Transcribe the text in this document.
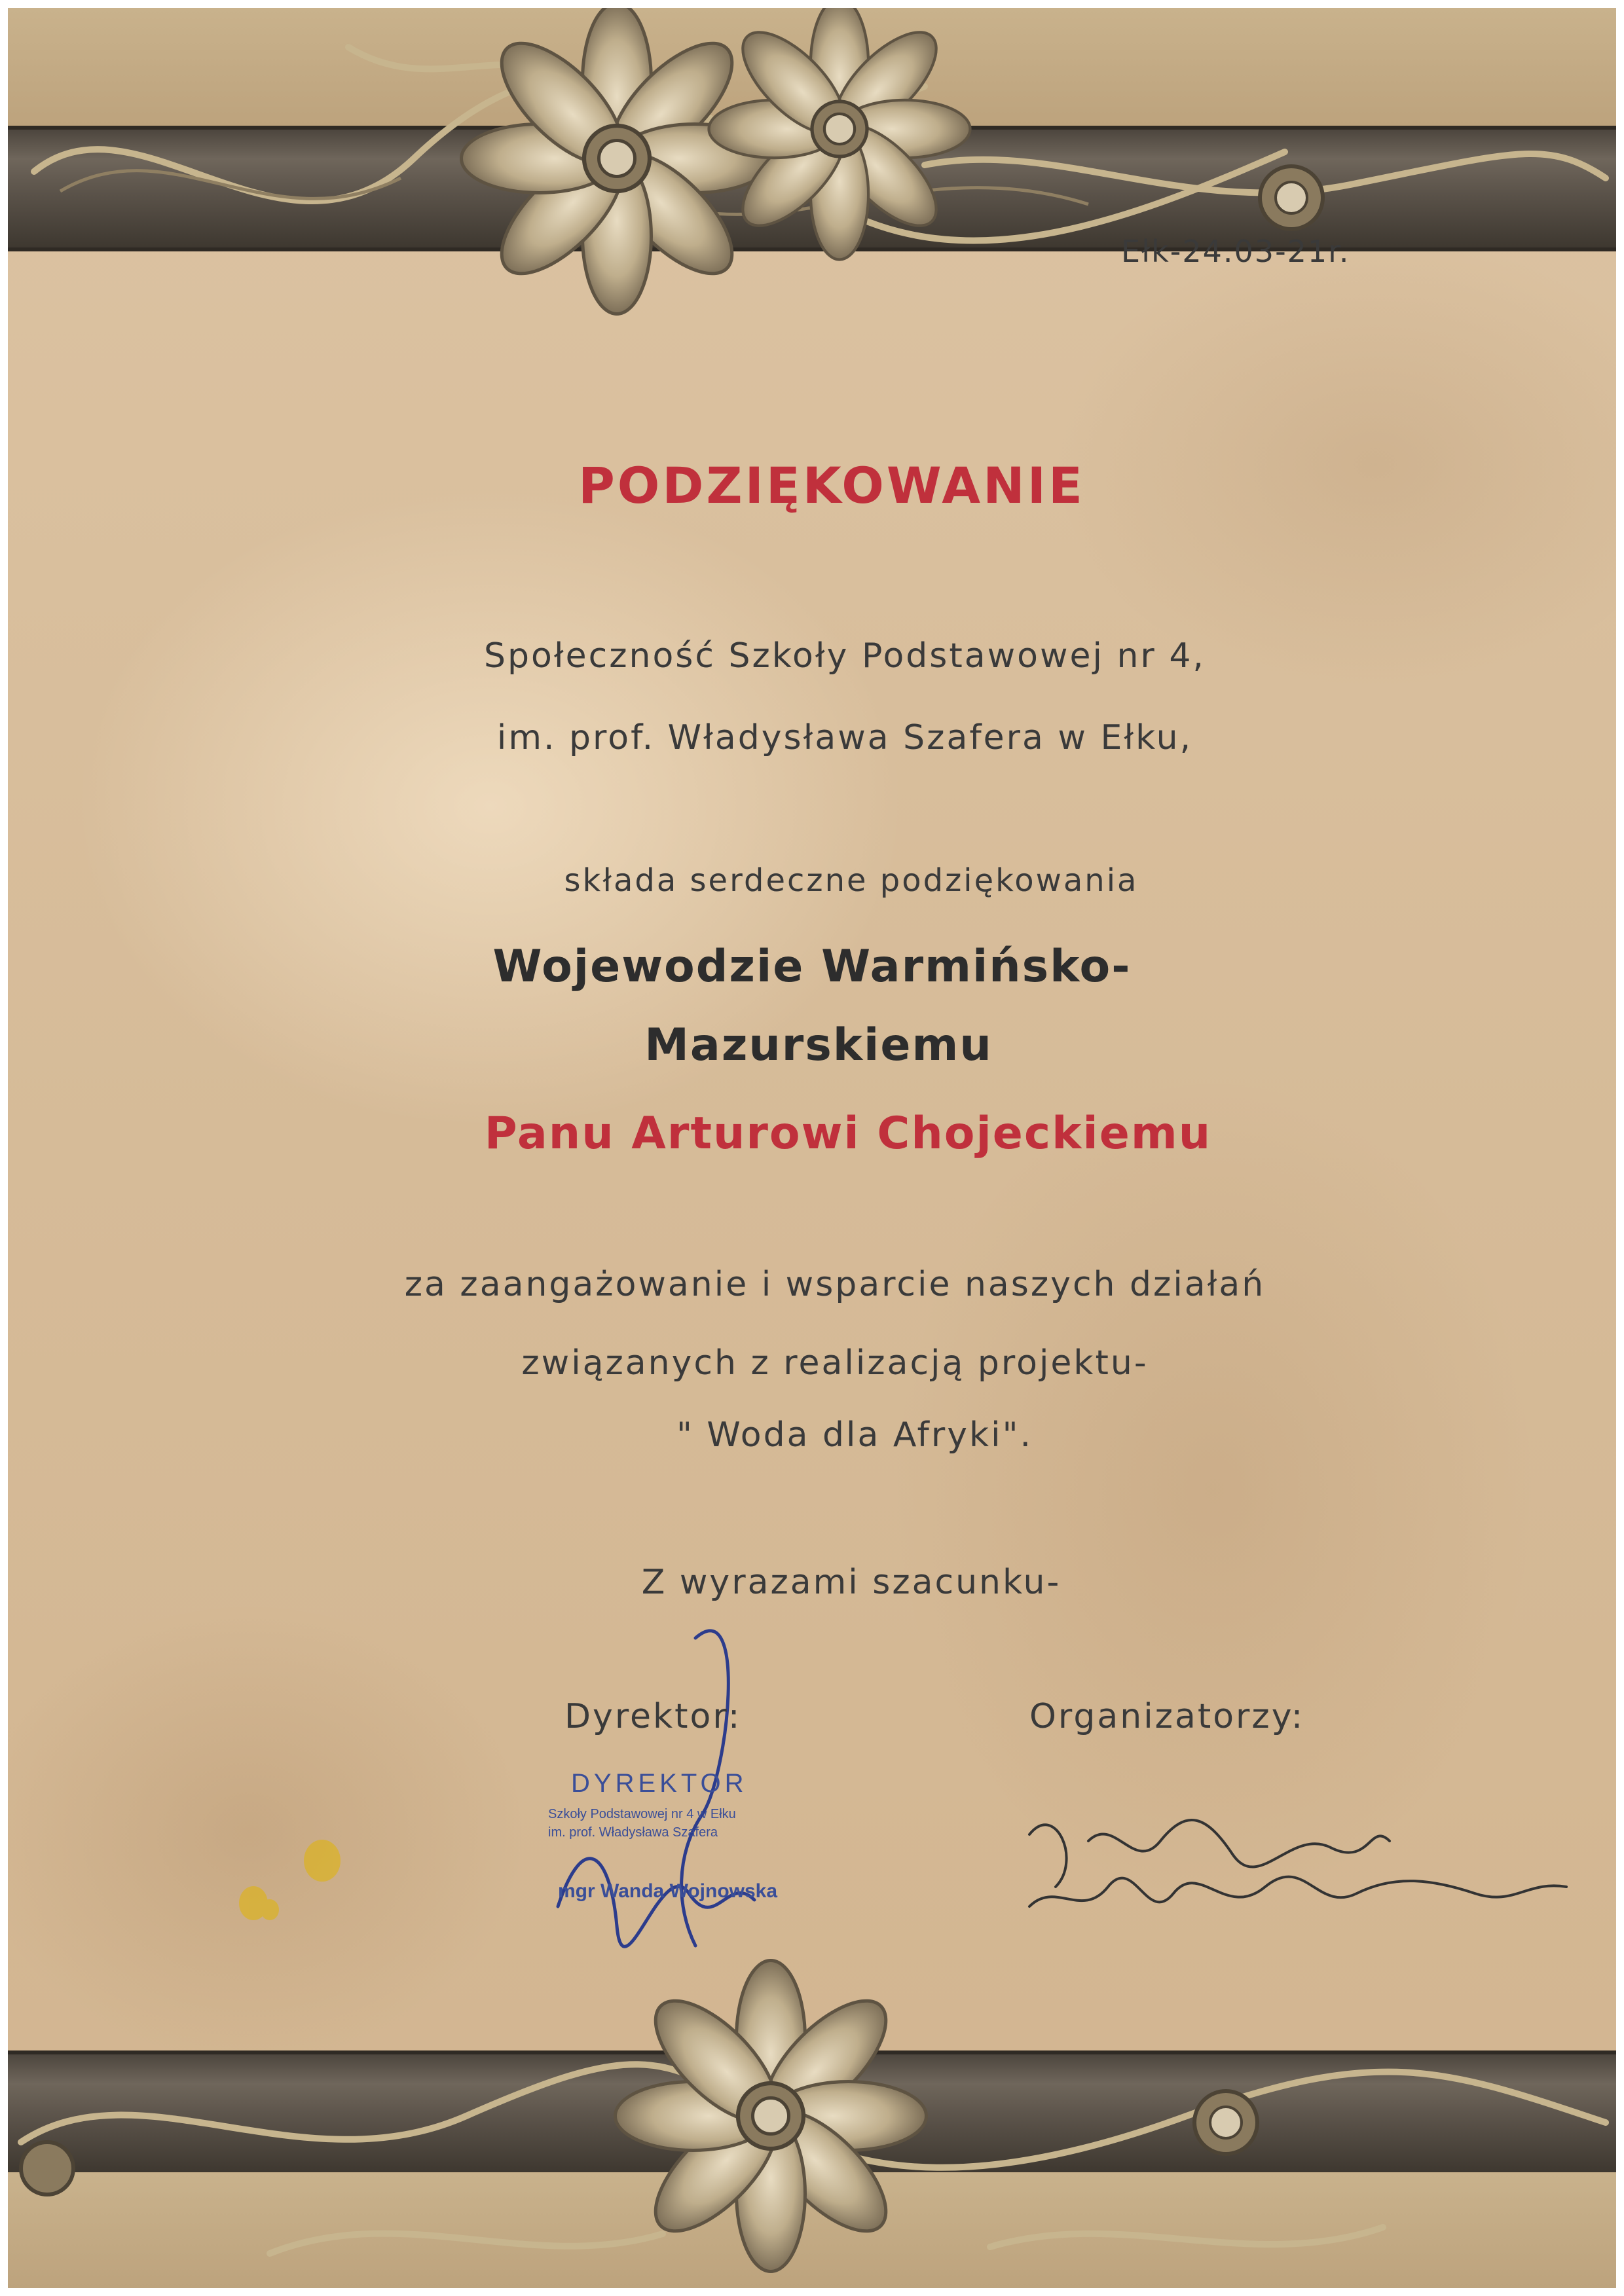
Ełk-24.03-21r.

PODZIĘKOWANIE

Społeczność Szkoły Podstawowej nr 4,

im. prof. Władysława Szafera w Ełku,

składa serdeczne podziękowania

Wojewodzie Warmińsko-

Mazurskiemu

Panu Arturowi Chojeckiemu

za zaangażowanie i wsparcie naszych działań

związanych z realizacją projektu-

" Woda dla Afryki".

Z wyrazami szacunku-

Dyrektor:	Organizatorzy:

DYREKTOR

Szkoły Podstawowej nr 4 w Ełku

im. prof. Władysława Szafera

mgr Wanda Wojnowska
